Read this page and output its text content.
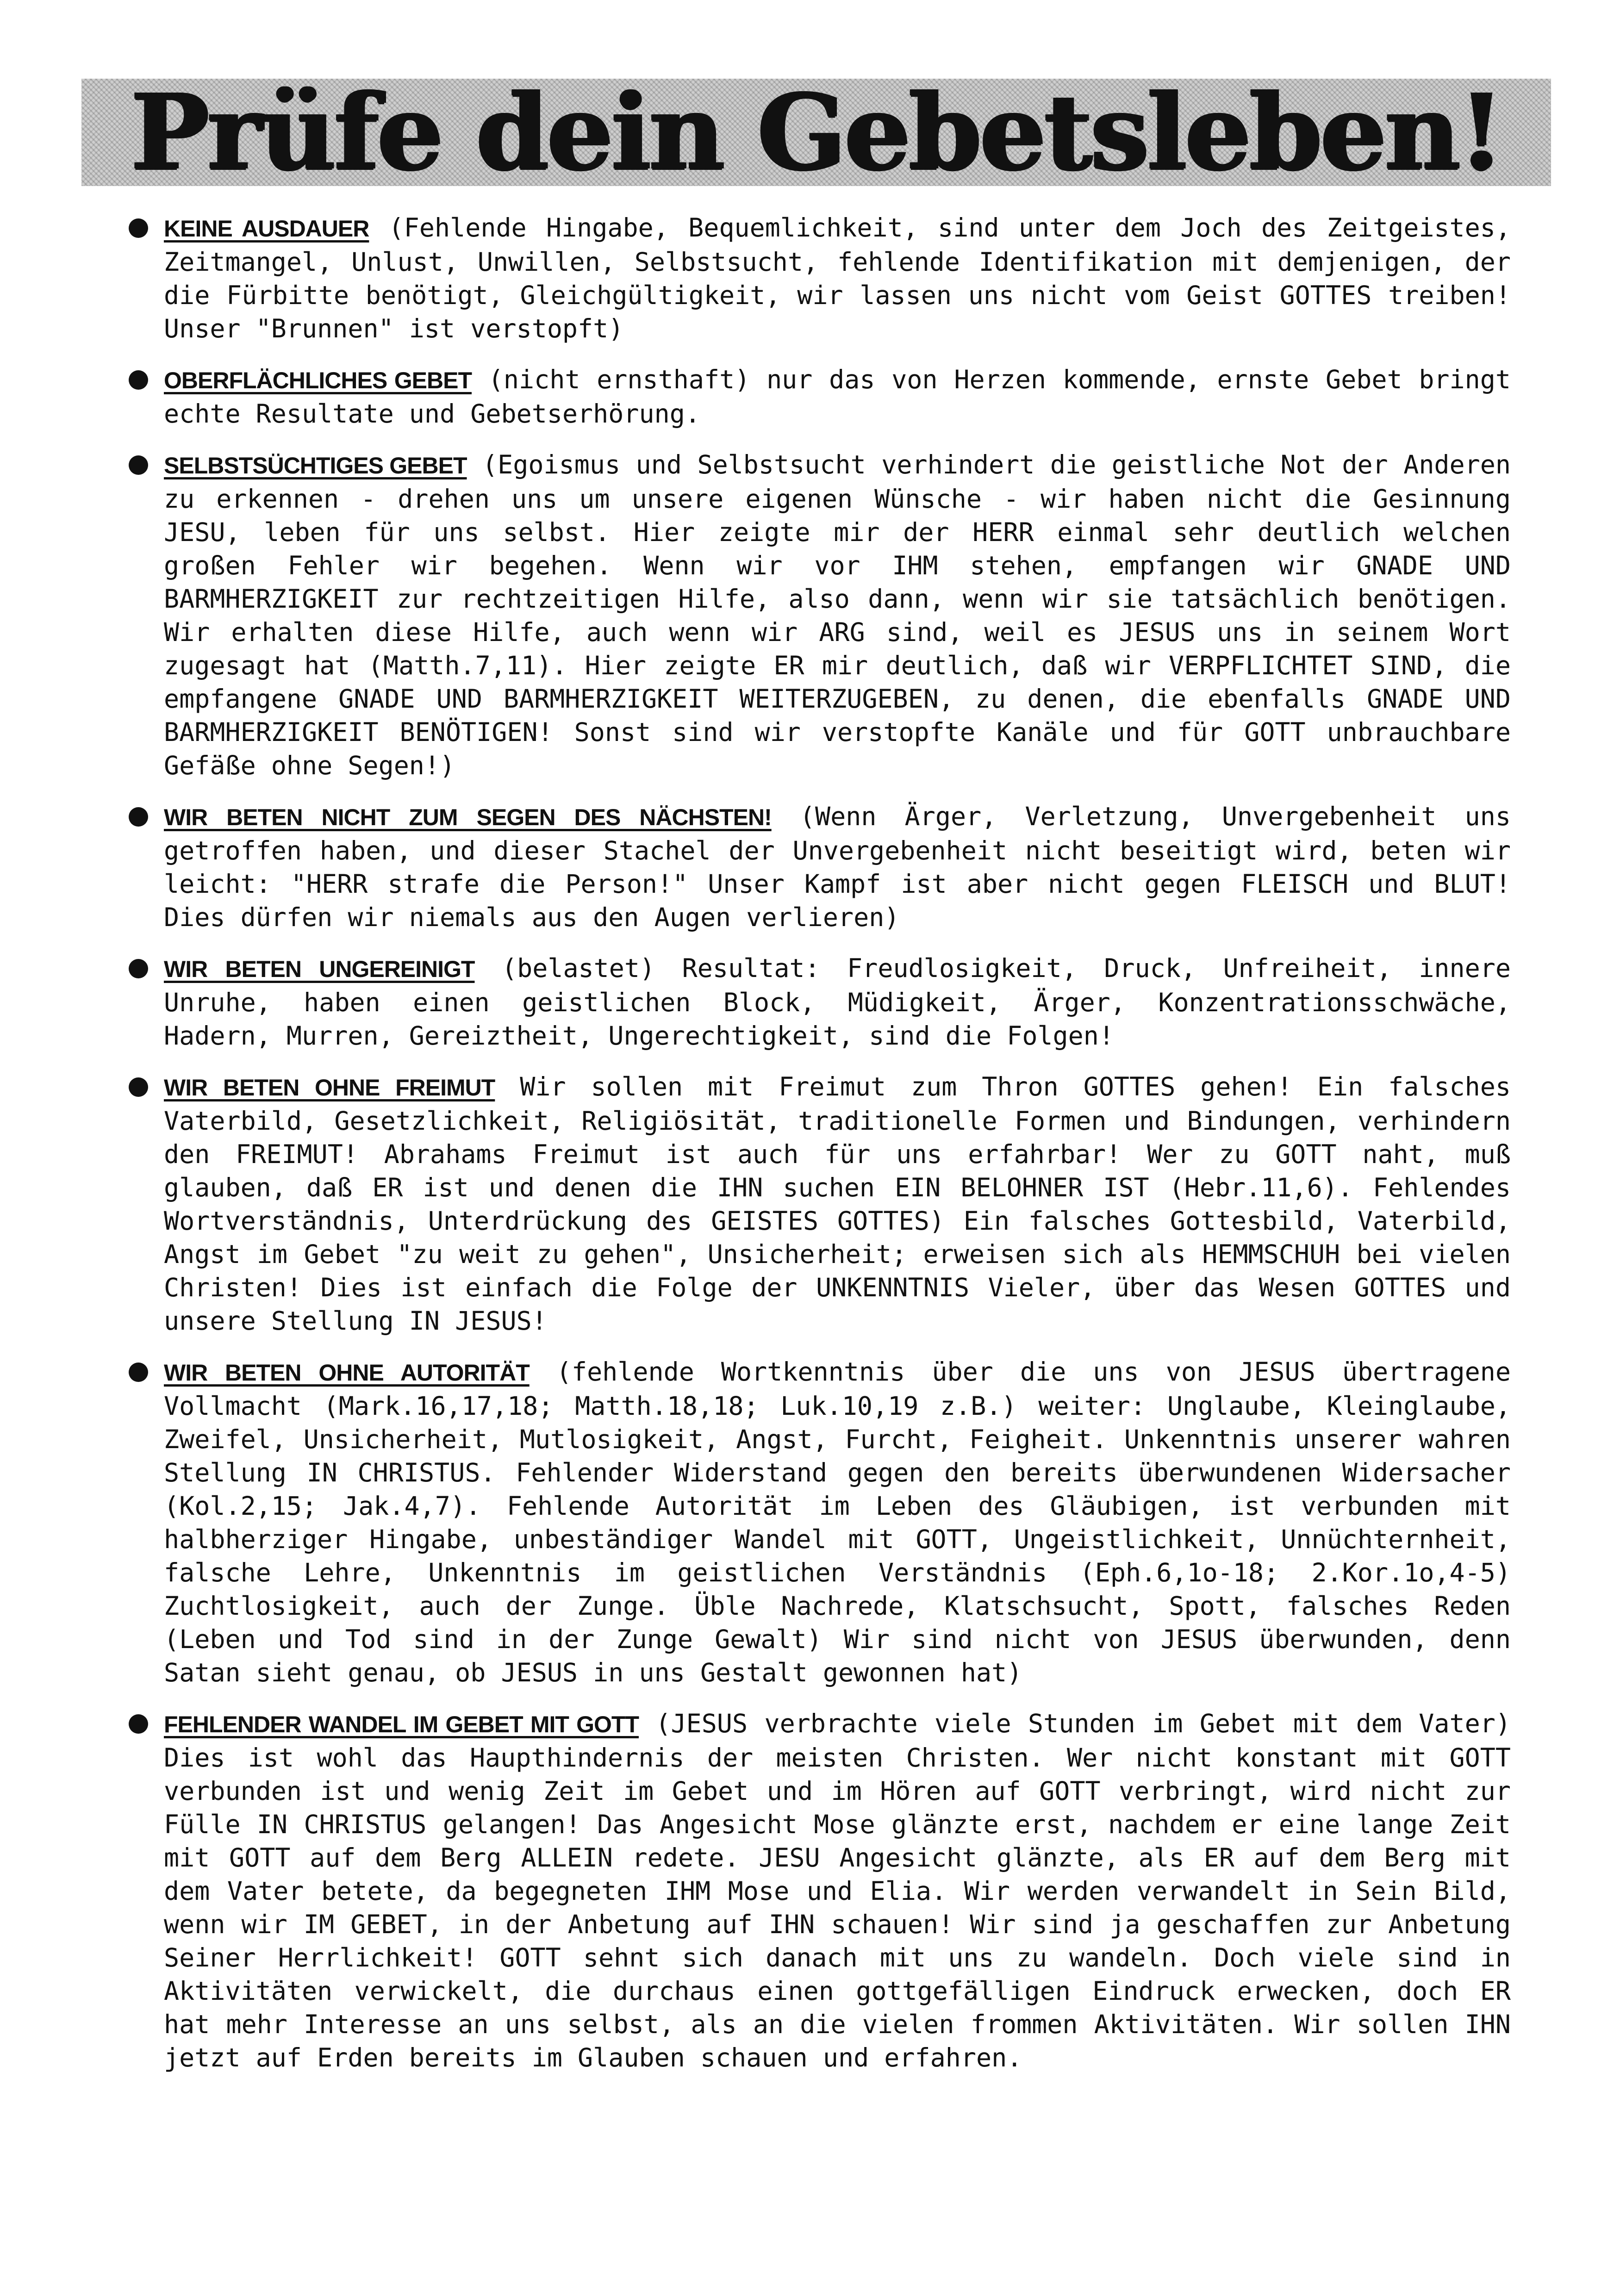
Prüfe dein Gebetsleben!
KEINE AUSDAUER (Fehlende Hingabe, Bequemlichkeit, sind unter dem Joch des Zeitgeistes, Zeitmangel, Unlust, Unwillen, Selbstsucht, fehlende Identifikation mit demjenigen, der die Fürbitte benötigt, Gleichgültigkeit, wir lassen uns nicht vom Geist GOTTES treiben! Unser "Brunnen" ist verstopft)
OBERFLÄCHLICHES GEBET (nicht ernsthaft) nur das von Herzen kommende, ernste Gebet bringt echte Resultate und Gebetserhörung.
SELBSTSÜCHTIGES GEBET (Egoismus und Selbstsucht verhindert die geistliche Not der Anderen zu erkennen - drehen uns um unsere eigenen Wünsche - wir haben nicht die Gesinnung JESU, leben für uns selbst. Hier zeigte mir der HERR einmal sehr deutlich welchen großen Fehler wir begehen. Wenn wir vor IHM stehen, empfangen wir GNADE UND BARMHERZIGKEIT zur rechtzeitigen Hilfe, also dann, wenn wir sie tatsächlich benötigen. Wir erhalten diese Hilfe, auch wenn wir ARG sind, weil es JESUS uns in seinem Wort zugesagt hat (Matth.7,11). Hier zeigte ER mir deutlich, daß wir VERPFLICHTET SIND, die empfangene GNADE UND BARMHERZIGKEIT WEITERZUGEBEN, zu denen, die ebenfalls GNADE UND BARMHERZIGKEIT BENÖTIGEN! Sonst sind wir verstopfte Kanäle und für GOTT unbrauchbare Gefäße ohne Segen!)
WIR BETEN NICHT ZUM SEGEN DES NÄCHSTEN! (Wenn Ärger, Verletzung, Unvergebenheit uns getroffen haben, und dieser Stachel der Unvergebenheit nicht beseitigt wird, beten wir leicht: "HERR strafe die Person!" Unser Kampf ist aber nicht gegen FLEISCH und BLUT! Dies dürfen wir niemals aus den Augen verlieren)
WIR BETEN UNGEREINIGT (belastet) Resultat: Freudlosigkeit, Druck, Unfreiheit, innere Unruhe, haben einen geistlichen Block, Müdigkeit, Ärger, Konzentrationsschwäche, Hadern, Murren, Gereiztheit, Ungerechtigkeit, sind die Folgen!
WIR BETEN OHNE FREIMUT Wir sollen mit Freimut zum Thron GOTTES gehen! Ein falsches Vaterbild, Gesetzlichkeit, Religiösität, traditionelle Formen und Bindungen, verhindern den FREIMUT! Abrahams Freimut ist auch für uns erfahrbar! Wer zu GOTT naht, muß glauben, daß ER ist und denen die IHN suchen EIN BELOHNER IST (Hebr.11,6). Fehlendes Wortverständnis, Unterdrückung des GEISTES GOTTES) Ein falsches Gottesbild, Vaterbild, Angst im Gebet "zu weit zu gehen", Unsicherheit; erweisen sich als HEMMSCHUH bei vielen Christen! Dies ist einfach die Folge der UNKENNTNIS Vieler, über das Wesen GOTTES und unsere Stellung IN JESUS!
WIR BETEN OHNE AUTORITÄT (fehlende Wortkenntnis über die uns von JESUS übertragene Vollmacht (Mark.16,17,18; Matth.18,18; Luk.10,19 z.B.) weiter: Unglaube, Kleinglaube, Zweifel, Unsicherheit, Mutlosigkeit, Angst, Furcht, Feigheit. Unkenntnis unserer wahren Stellung IN CHRISTUS. Fehlender Widerstand gegen den bereits überwundenen Widersacher (Kol.2,15; Jak.4,7). Fehlende Autorität im Leben des Gläubigen, ist verbunden mit halbherziger Hingabe, unbeständiger Wandel mit GOTT, Ungeistlichkeit, Unnüchternheit, falsche Lehre, Unkenntnis im geistlichen Verständnis (Eph.6,1o-18; 2.Kor.1o,4-5) Zuchtlosigkeit, auch der Zunge. Üble Nachrede, Klatschsucht, Spott, falsches Reden (Leben und Tod sind in der Zunge Gewalt) Wir sind nicht von JESUS überwunden, denn Satan sieht genau, ob JESUS in uns Gestalt gewonnen hat)
FEHLENDER WANDEL IM GEBET MIT GOTT (JESUS verbrachte viele Stunden im Gebet mit dem Vater) Dies ist wohl das Haupthindernis der meisten Christen. Wer nicht konstant mit GOTT verbunden ist und wenig Zeit im Gebet und im Hören auf GOTT verbringt, wird nicht zur Fülle IN CHRISTUS gelangen! Das Angesicht Mose glänzte erst, nachdem er eine lange Zeit mit GOTT auf dem Berg ALLEIN redete. JESU Angesicht glänzte, als ER auf dem Berg mit dem Vater betete, da begegneten IHM Mose und Elia. Wir werden verwandelt in Sein Bild, wenn wir IM GEBET, in der Anbetung auf IHN schauen! Wir sind ja geschaffen zur Anbetung Seiner Herrlichkeit! GOTT sehnt sich danach mit uns zu wandeln. Doch viele sind in Aktivitäten verwickelt, die durchaus einen gottgefälligen Eindruck erwecken, doch ER hat mehr Interesse an uns selbst, als an die vielen frommen Aktivitäten. Wir sollen IHN jetzt auf Erden bereits im Glauben schauen und erfahren.
